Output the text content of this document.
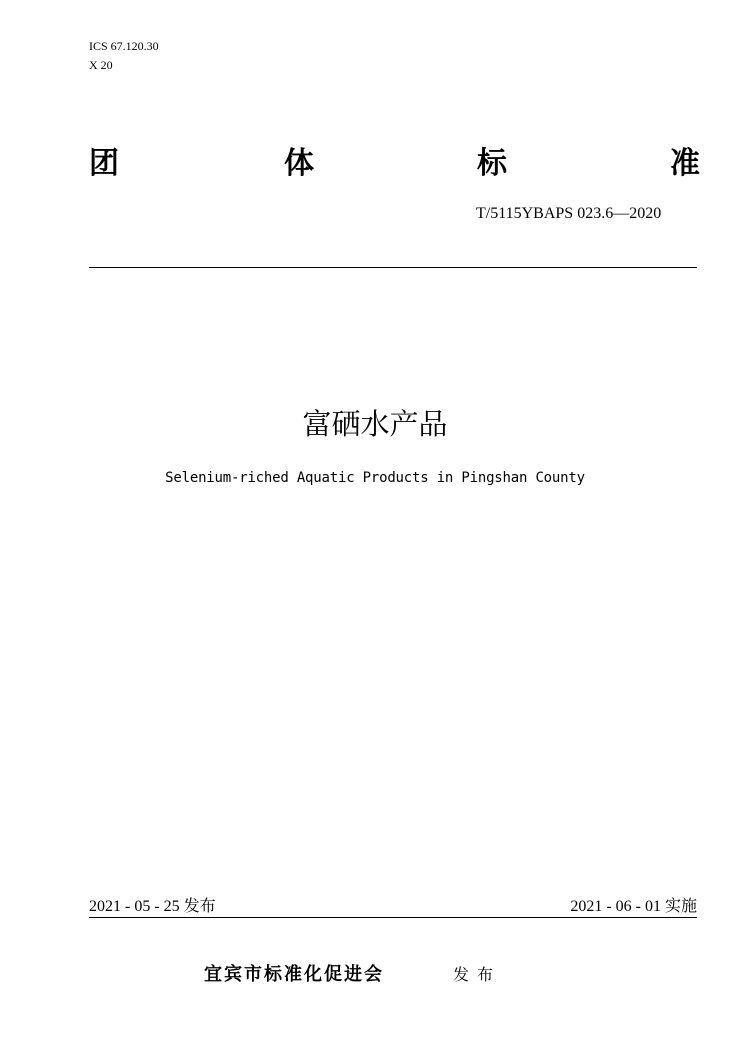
ICS 67.120.30
X 20
团	体	标	准
T/5115YBAPS 023.6—2020
富硒水产品
Selenium-riched Aquatic Products in Pingshan County
2021 - 05 - 25 发布	2021 - 06 - 01 实施
宜宾市标准化促进会	发布
